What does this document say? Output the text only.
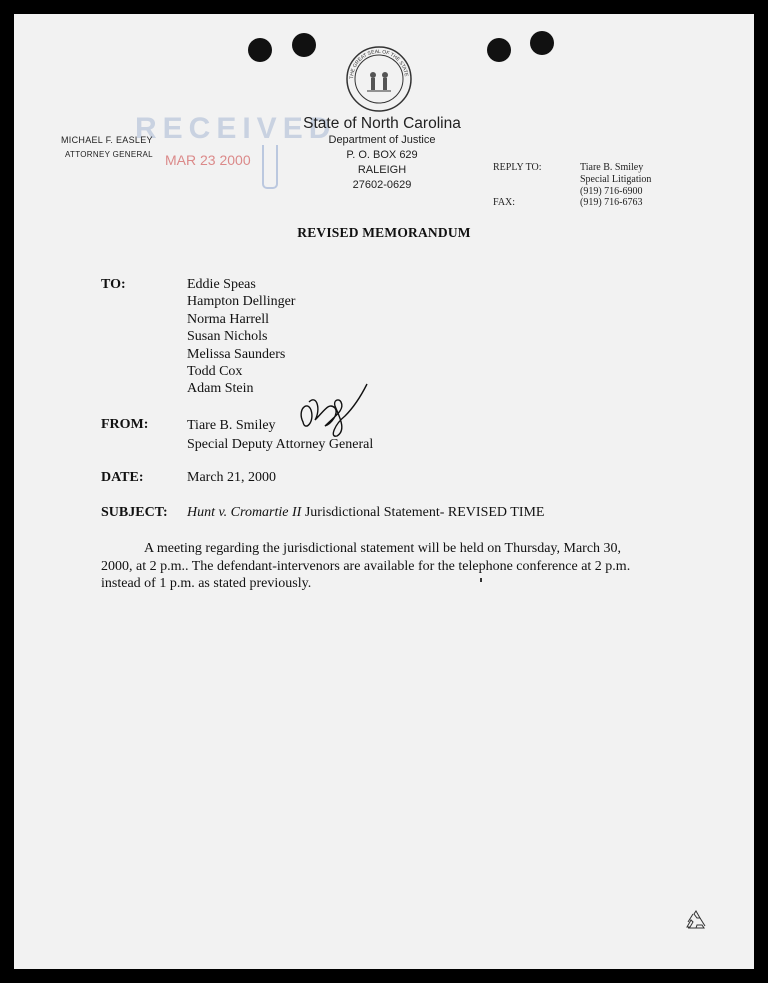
THE GREAT SEAL OF THE STATE
RECEIVED
MAR 23 2000
MICHAEL F. EASLEY
ATTORNEY GENERAL
State of North Carolina
Department of Justice
P. O. BOX 629
RALEIGH
27602-0629
REPLY TO:	Tiare B. Smiley
Special Litigation
(919) 716-6900
FAX:	(919) 716-6763
REVISED MEMORANDUM
TO:	Eddie Speas
Hampton Dellinger
Norma Harrell
Susan Nichols
Melissa Saunders
Todd Cox
Adam Stein
FROM:	Tiare B. Smiley
Special Deputy Attorney General
DATE:	March 21, 2000
SUBJECT: Hunt v. Cromartie II Jurisdictional Statement- REVISED TIME
A meeting regarding the jurisdictional statement will be held on Thursday, March 30,
2000, at 2 p.m.. The defendant-intervenors are available for the telephone conference at 2 p.m.
instead of 1 p.m. as stated previously.
